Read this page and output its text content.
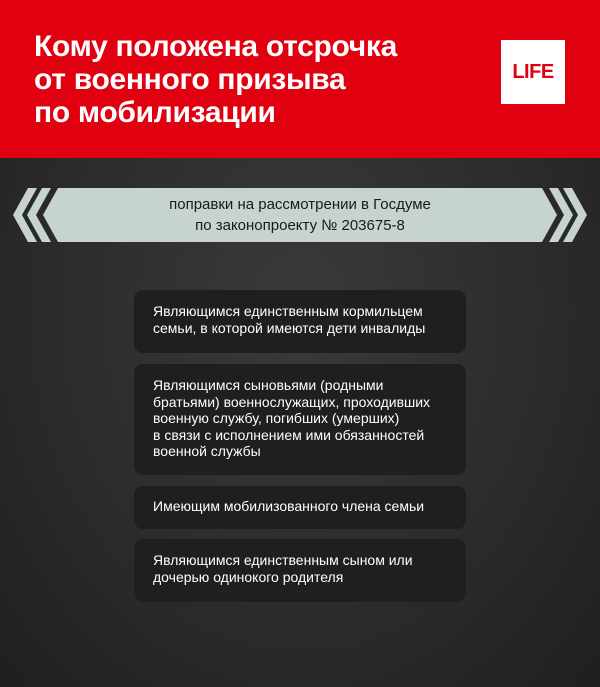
Кому положена отсрочка
от военного призыва
по мобилизации
LIFE
поправки на рассмотрении в Госдуме
по законопроекту № 203675-8
Являющимся единственным кормильцем
семьи, в которой имеются дети инвалиды
Являющимся сыновьями (родными
братьями) военнослужащих, проходивших
военную службу, погибших (умерших)
в связи с исполнением ими обязанностей
военной службы
Имеющим мобилизованного члена семьи
Являющимся единственным сыном или
дочерью одинокого родителя
